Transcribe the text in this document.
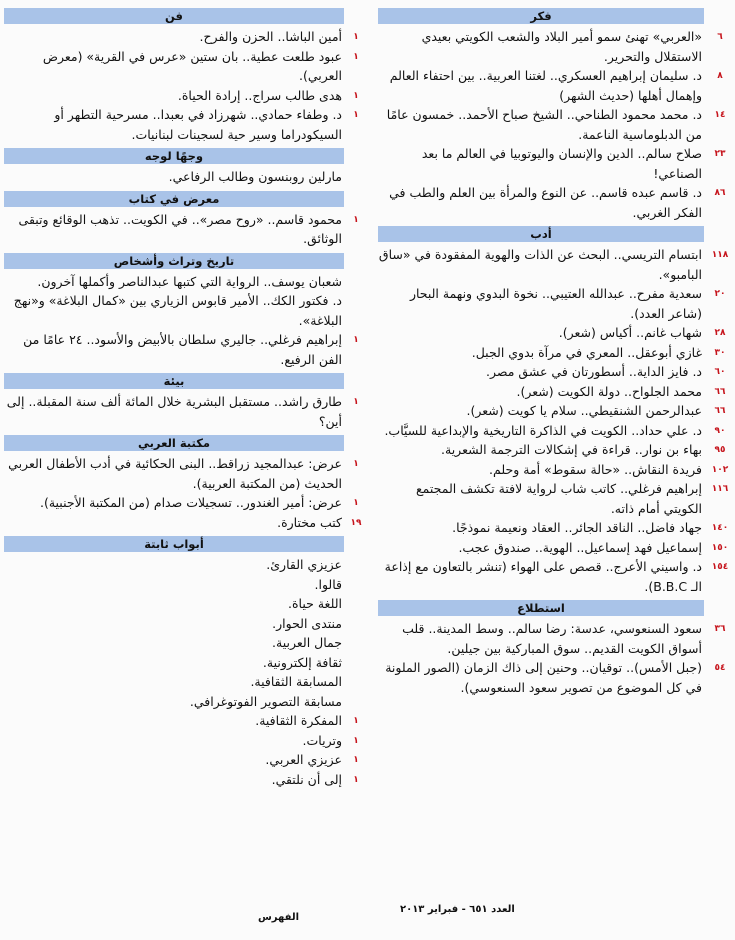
فكر
٦
«العربي» تهنئ سمو أمير البلاد والشعب الكويتي بعيدي الاستقلال والتحرير.
٨
د. سليمان إبراهيم العسكري.. لغتنا العربية.. بين احتفاء العالم وإهمال أهلها (حديث الشهر)
١٤
د. محمد محمود الطناحي.. الشيخ صباح الأحمد.. خمسون عامًا من الدبلوماسية الناعمة.
٢٣
صلاح سالم.. الدين والإنسان واليوتوبيا في العالم ما بعد الصناعي!
٨٦
د. قاسم عبده قاسم.. عن النوع والمرأة بين العلم والطب في الفكر الغربي.
أدب
١١٨
ابتسام التريسي.. البحث عن الذات والهوية المفقودة في «ساق البامبو».
٢٠
سعدية مفرح.. عبدالله العتيبي.. نخوة البدوي ونهمة البحار (شاعر العدد).
٢٨
شهاب غانم.. أكياس (شعر).
٣٠
غازي أبوعقل.. المعري في مرآة بدوي الجبل.
٦٠
د. فايز الداية.. أسطورتان في عشق مصر.
٦٦
محمد الجلواح.. دولة الكويت (شعر).
٦٦
عبدالرحمن الشنقيطي.. سلام يا كويت (شعر).
٩٠
د. علي حداد.. الكويت في الذاكرة التاريخية والإبداعية للسيَّاب.
٩٥
بهاء بن نوار.. قراءة في إشكالات الترجمة الشعرية.
١٠٢
فريدة النقاش.. «حالة سقوط» أمة وحلم.
١١٦
إبراهيم فرغلي.. كاتب شاب لرواية لافتة تكشف المجتمع الكويتي أمام ذاته.
١٤٠
جهاد فاضل.. الناقد الجائر.. العقاد ونعيمة نموذجًا.
١٥٠
إسماعيل فهد إسماعيل.. الهوية.. صندوق عجب.
١٥٤
د. واسيني الأعرج.. قصص على الهواء (تنشر بالتعاون مع إذاعة الـ B.B.C).
استطلاع
٣٦
سعود السنعوسي، عدسة: رضا سالم.. وسط المدينة.. قلب أسواق الكويت القديم.. سوق المباركية بين جيلين.
٥٤
(جبل الأمس).. توقيان.. وحنين إلى ذاك الزمان (الصور الملونة في كل الموضوع من تصوير سعود السنعوسي).
فن
١
أمين الباشا.. الحزن والفرح.
١
عبود طلعت عطية.. بان ستين «عرس في القرية» (معرض العربي).
١
هدى طالب سراج.. إرادة الحياة.
١
د. وطفاء حمادي.. شهرزاد في بعبدا.. مسرحية التطهر أو السيكودراما وسير حية لسجينات لبنانيات.
وجهًا لوجه
مارلين روبنسون وطالب الرفاعي.
معرض في كتاب
١
محمود قاسم.. «روح مصر».. في الكويت.. تذهب الوقائع وتبقى الوثائق.
تاريخ وتراث وأشخاص
شعبان يوسف.. الرواية التي كتبها عبدالناصر وأكملها آخرون.
د. فكتور الكك.. الأمير قابوس الزياري بين «كمال البلاغة» و«نهج البلاغة».
١
إبراهيم فرغلي.. جاليري سلطان بالأبيض والأسود.. ٢٤ عامًا من الفن الرفيع.
بيئة
١
طارق راشد.. مستقبل البشرية خلال المائة ألف سنة المقبلة.. إلى أين؟
مكتبة العربي
١
عرض: عبدالمجيد زراقط.. البنى الحكائية في أدب الأطفال العربي الحديث (من المكتبة العربية).
١
عرض: أمير الغندور.. تسجيلات صدام (من المكتبة الأجنبية).
١٩
كتب مختارة.
أبواب ثابتة
عزيزي القارئ.
قالوا.
اللغة حياة.
منتدى الحوار.
جمال العربية.
ثقافة إلكترونية.
المسابقة الثقافية.
مسابقة التصوير الفوتوغرافي.
١
المفكرة الثقافية.
١
وتريات.
١
عزيزي العربي.
١
إلى أن نلتقي.
العدد ٦٥١ - فبراير ٢٠١٣
الفهرس
